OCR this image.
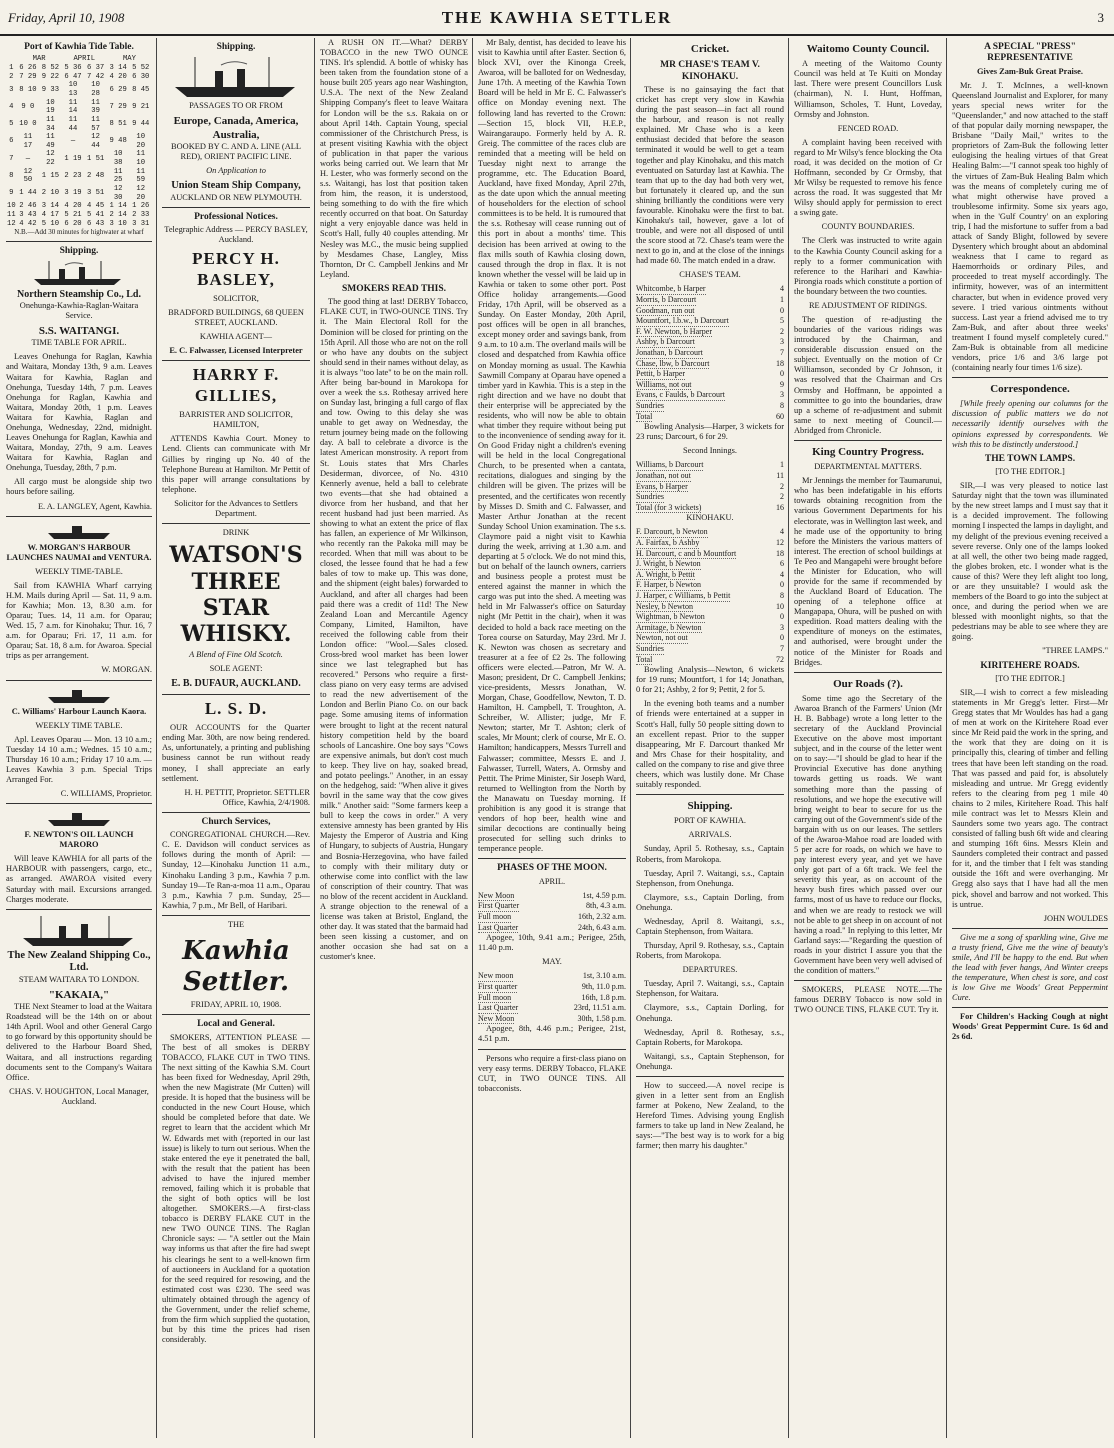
Friday, April 10, 1908	THE KAWHIA SETTLER	3
Port of Kawhia Tide Table.
	MAR		APRIL		MAY	
1	6 26	8 52	5 36	6 37	3 14	5 52
2	7 29	9 22	6 47	7 42	4 20	6 30
3	8 10	9 33	10 13	10 28	6 29	8 45
4	9 0	10 19	11 14	11 39	7 29	9 21
5	10 0	11 34	11 44	11 57	8 51	9 44
6	11 17	11 49	—	12 44	9 48	10 20
7	—	12 22	1 19	1 51	10 38	11 10
8	12 50	1 15	2 23	2 48	11 25	11 59
9	1 44	2 10	3 19	3 51	12 30	12 20
10	2 46	3 14	4 20	4 45	1 14	1 26
11	3 43	4 17	5 21	5 41	2 14	2 33
12	4 42	5 10	6 20	6 43	3 10	3 31

N.B.—Add 30 minutes for highwater at wharf

Shipping.
Northern Steamship Co., Ld.

Onehunga-Kawhia-Raglan-Waitara Service.

S.S. WAITANGI.

TIME TABLE FOR APRIL.

Leaves Onehunga for Raglan, Kawhia and Waitara, Monday 13th, 9 a.m. Leaves Waitara for Kawhia, Raglan and Onehunga, Tuesday 14th, 7 p.m. Leaves Onehunga for Raglan, Kawhia and Waitara, Monday 20th, 1 p.m. Leaves Waitara for Kawhia, Raglan and Onehunga, Wednesday, 22nd, midnight. Leaves Onehunga for Raglan, Kawhia and Waitara, Monday, 27th, 9 a.m. Leaves Waitara for Kawhia, Raglan and Onehunga, Tuesday, 28th, 7 p.m.

All cargo must be alongside ship two hours before sailing.

E. A. LANGLEY, Agent, Kawhia.

W. MORGAN'S HARBOUR LAUNCHES NAUMAI and VENTURA.

WEEKLY TIME-TABLE.

Sail from KAWHIA Wharf carrying H.M. Mails during April — Sat. 11, 9 a.m. for Kawhia; Mon. 13, 8.30 a.m. for Oparau; Tues. 14, 11 a.m. for Oparau; Wed. 15, 7 a.m. for Kinohaku; Thur. 16, 7 a.m. for Oparau; Fri. 17, 11 a.m. for Oparau; Sat. 18, 8 a.m. for Awaroa. Special trips as per arrangement.

W. MORGAN.

C. Williams' Harbour Launch Kaora.

WEEKLY TIME TABLE.

Apl. Leaves Oparau — Mon. 13 10 a.m.; Tuesday 14 10 a.m.; Wednes. 15 10 a.m.; Thursday 16 10 a.m.; Friday 17 10 a.m. — Leaves Kawhia 3 p.m. Special Trips Arranged For.

C. WILLIAMS, Proprietor.

F. NEWTON'S OIL LAUNCH MARORO

Will leave KAWHIA for all parts of the HARBOUR with passengers, cargo, etc., as arranged. AWAROA visited every Saturday with mail. Excursions arranged. Charges moderate.

The New Zealand Shipping Co., Ltd.

STEAM WAITARA TO LONDON.

"KAKAIA,"

THE Next Steamer to load at the Waitara Roadstead will be the 14th on or about 14th April. Wool and other General Cargo to go forward by this opportunity should be delivered to the Harbour Board Shed, Waitara, and all instructions regarding documents sent to the Company's Waitara Office.

CHAS. V. HOUGHTON, Local Manager, Auckland.

Shipping.

PASSAGES TO OR FROM

Europe, Canada, America, Australia,

BOOKED BY C. AND A. LINE (ALL RED), ORIENT PACIFIC LINE.

On Application to

Union Steam Ship Company,

AUCKLAND OR NEW PLYMOUTH.

Professional Notices.

Telegraphic Address — PERCY BASLEY, Auckland.

PERCY H. BASLEY,

SOLICITOR,

BRADFORD BUILDINGS, 68 QUEEN STREET, AUCKLAND.

KAWHIA AGENT—

E. C. Falwasser, Licensed Interpreter

HARRY F. GILLIES,

BARRISTER AND SOLICITOR, HAMILTON,

ATTENDS Kawhia Court. Money to Lend. Clients can communicate with Mr Gillies by ringing up No. 40 of the Telephone Bureau at Hamilton. Mr Pettit of this paper will arrange consultations by telephone.

Solicitor for the Advances to Settlers Department.

DRINK

WATSON'S THREE STAR WHISKY.

A Blend of Fine Old Scotch.

SOLE AGENT:

E. B. DUFAUR, AUCKLAND.

L. S. D.

OUR ACCOUNTS for the Quarter ending Mar. 30th, are now being rendered. As, unfortunately, a printing and publishing business cannot be run without ready money, I shall appreciate an early settlement.

H. H. PETTIT, Proprietor. SETTLER Office, Kawhia, 2/4/1908.

Church Services,

CONGREGATIONAL CHURCH.—Rev. C. E. Davidson will conduct services as follows during the month of April: — Sunday, 12—Kinohaku Junction 11 a.m., Kinohaku Landing 3 p.m., Kawhia 7 p.m. Sunday 19—Te Ran-a-moa 11 a.m., Oparau 3 p.m., Kawhia 7 p.m. Sunday, 25—Kawhia, 7 p.m., Mr Bell, of Haribari.

THE

Kawhia Settler.

FRIDAY, APRIL 10, 1908.

Local and General.

SMOKERS, ATTENTION PLEASE — The best of all smokes is DERBY TOBACCO, FLAKE CUT in TWO TINS. The next sitting of the Kawhia S.M. Court has been fixed for Wednesday, April 29th, when the new Magistrate (Mr Cutten) will preside. It is hoped that the business will be conducted in the new Court House, which should be completed before that date. We regret to learn that the accident which Mr W. Edwards met with (reported in our last issue) is likely to turn out serious. When the stake entered the eye it penetrated the ball, with the result that the patient has been advised to have the injured member removed, failing which it is probable that the sight of both optics will be lost altogether. SMOKERS.—A first-class tobacco is DERBY FLAKE CUT in the new TWO OUNCE TINS. The Raglan Chronicle says: — "A settler out the Main way informs us that after the fire had swept his clearings he sent to a well-known firm of auctioneers in Auckland for a quotation for the seed required for resowing, and the estimated cost was £230. The seed was ultimately obtained through the agency of the Government, under the relief scheme, from the firm which supplied the quotation, but by this time the prices had risen considerably.

A RUSH ON IT.—What? DERBY TOBACCO in the new TWO OUNCE TINS. It's splendid. A bottle of whisky has been taken from the foundation stone of a house built 205 years ago near Washington, U.S.A. The next of the New Zealand Shipping Company's fleet to leave Waitara for London will be the s.s. Rakaia on or about April 14th. Captain Young, special commissioner of the Christchurch Press, is at present visiting Kawhia with the object of publication in that paper the various works being carried out. We learn that Mr H. Lester, who was formerly second on the s.s. Waitangi, has lost that position taken from him, the reason, it is understood, being something to do with the fire which recently occurred on that boat. On Saturday night a very enjoyable dance was held in Scott's Hall, fully 40 couples attending. Mr Nesley was M.C., the music being supplied by Mesdames Chase, Langley, Miss Thornton, Dr C. Campbell Jenkins and Mr Leyland.

SMOKERS READ THIS.

The good thing at last! DERBY Tobacco, FLAKE CUT, in TWO-OUNCE TINS. Try it. The Main Electoral Roll for the Dominion will be closed for printing on the 15th April. All those who are not on the roll or who have any doubts on the subject should send in their names without delay, as it is always "too late" to be on the main roll. After being bar-bound in Marokopa for over a week the s.s. Rothesay arrived here on Sunday last, bringing a full cargo of flax and tow. Owing to this delay she was unable to get away on Wednesday, the return journey being made on the following day. A ball to celebrate a divorce is the latest American monstrosity. A report from St. Louis states that Mrs Charles Desiderman, divorcee, of No. 4310 Kennerly avenue, held a ball to celebrate two events—that she had obtained a divorce from her husband, and that her recent husband had just been married. As showing to what an extent the price of flax has fallen, an experience of Mr Wilkinson, who recently ran the Pakoka mill may be recorded. When that mill was about to be closed, the lessee found that he had a few bales of tow to make up. This was done, and the shipment (eight bales) forwarded to Auckland, and after all charges had been paid there was a credit of 11d! The New Zealand Loan and Mercantile Agency Company, Limited, Hamilton, have received the following cable from their London office: "Wool.—Sales closed. Cross-bred wool market has been lower since we last telegraphed but has recovered." Persons who require a first-class piano on very easy terms are advised to read the new advertisement of the London and Berlin Piano Co. on our back page. Some amusing items of information were brought to light at the recent natural history competition held by the board schools of Lancashire. One boy says "Cows are expensive animals, but don't cost much to keep. They live on hay, soaked bread, and potato peelings." Another, in an essay on the hedgehog, said: "When alive it gives bovril in the same way that the cow gives milk." Another said: "Some farmers keep a bull to keep the cows in order." A very extensive amnesty has been granted by His Majesty the Emperor of Austria and King of Hungary, to subjects of Austria, Hungary and Bosnia-Herzegovina, who have failed to comply with their military duty or otherwise come into conflict with the law of conscription of their country. That was no blow of the recent accident in Auckland. A strange objection to the renewal of a license was taken at Bristol, England, the other day. It was stated that the barmaid had been seen kissing a customer, and on another occasion she had sat on a customer's knee.

Mr Baly, dentist, has decided to leave his visit to Kawhia until after Easter. Section 6, block XVI, over the Kinonga Creek, Awaroa, will be balloted for on Wednesday, June 17th. A meeting of the Kawhia Town Board will be held in Mr E. C. Falwasser's office on Monday evening next. The following land has reverted to the Crown:—Section 15, block VII, H.E.P., Wairangaraupo. Formerly held by A. R. Greig. The committee of the races club are reminded that a meeting will be held on Tuesday night next to arrange the programme, etc. The Education Board, Auckland, have fixed Monday, April 27th, as the date upon which the annual meeting of householders for the election of school committees is to be held. It is rumoured that the s.s. Rothesay will cease running out of this port in about a months' time. This decision has been arrived at owing to the flax mills south of Kawhia closing down, caused through the drop in flax. It is not known whether the vessel will be laid up in Kawhia or taken to some other port. Post Office holiday arrangements.—Good Friday, 17th April, will be observed as a Sunday. On Easter Monday, 20th April, post offices will be open in all branches, except money order and savings bank, from 9 a.m. to 10 a.m. The overland mails will be closed and despatched from Kawhia office on Monday morning as usual. The Kawhia Sawmill Company at Oparau have opened a timber yard in Kawhia. This is a step in the right direction and we have no doubt that their enterprise will be appreciated by the residents, who will now be able to obtain what timber they require without being put to the inconvenience of sending away for it. On Good Friday night a children's evening will be held in the local Congregational Church, to be presented when a cantata, recitations, dialogues and singing by the children will be given. The prizes will be presented, and the certificates won recently by Misses D. Smith and C. Falwasser, and Master Arthur Jonathan at the recent Sunday School Union examination. The s.s. Claymore paid a night visit to Kawhia during the week, arriving at 1.30 a.m. and departing at 5 o'clock. We do not mind this, but on behalf of the launch owners, carriers and business people a protest must be entered against the manner in which the cargo was put into the shed. A meeting was held in Mr Falwasser's office on Saturday night (Mr Pettit in the chair), when it was decided to hold a back race meeting on the Torea course on Saturday, May 23rd. Mr J. K. Newton was chosen as secretary and treasurer at a fee of £2 2s. The following officers were elected.—Patron, Mr W. A. Mason; president, Dr C. Campbell Jenkins; vice-presidents, Messrs Jonathan, W. Morgan, Chase, Goodfellow, Newton, T. D. Hamilton, H. Campbell, T. Troughton, A. Schreiber, W. Allister; judge, Mr F. Newton; starter, Mr T. Ashton; clerk of scales, Mr Mount; clerk of course, Mr E. O. Hamilton; handicappers, Messrs Turrell and Falwasser; committee, Messrs E. and J. Falwasser, Turrell, Waters, A. Ormsby and Pettit. The Prime Minister, Sir Joseph Ward, returned to Wellington from the North by the Manawatu on Tuesday morning. If prohibition is any good it is strange that vendors of hop beer, health wine and similar decoctions are continually being prosecuted for selling such drinks to temperance people.

PHASES OF THE MOON.

APRIL.

New Moon	1st, 4.59 p.m.
First Quarter	8th, 4.3 a.m.
Full moon	16th, 2.32 a.m.
Last Quarter	24th, 6.43 a.m.

Apogee, 10th, 9.41 a.m.; Perigee, 25th, 11.40 p.m.

MAY.

New moon	1st, 3.10 a.m.
First quarter	9th, 11.0 p.m.
Full moon	16th, 1.8 p.m.
Last Quarter	23rd, 11.51 a.m.
New Moon	30th, 1.58 p.m.

Apogee, 8th, 4.46 p.m.; Perigee, 21st, 4.51 p.m.

Persons who require a first-class piano on very easy terms. DERBY Tobacco, FLAKE CUT, in TWO OUNCE TINS. All tobacconists.

Cricket.
MR CHASE'S TEAM V. KINOHAKU.

These is no gainsaying the fact that cricket has crept very slow in Kawhia during the past season—in fact all round the harbour, and reason is not really explained. Mr Chase who is a keen enthusiast decided that before the season terminated it would be well to get a team together and play Kinohaku, and this match eventuated on Saturday last at Kawhia. The team that up to the day had both very wet, but fortunately it cleared up, and the sun shining brilliantly the conditions were very favourable. Kinohaku were the first to bat. Kinohaku's tail, however, gave a lot of trouble, and were not all disposed of until the score stood at 72. Chase's team were the next to go in, and at the close of the innings had made 60. The match ended in a draw.

CHASE'S TEAM.

Whitcombe, b Harper	4
Morris, b Darcourt	1
Goodman, run out	0
Mountfort, l.b.w., b Darcourt	5
F. W. Newton, b Harper	2
Ashby, b Darcourt	3
Jonathan, b Darcourt	7
Chase, lbw, b Darcourt	18
Pettit, b Harper	0
Williams, not out	9
Evans, c Faulds, b Darcourt	3
Sundries	8
Total	60

Bowling Analysis—Harper, 3 wickets for 23 runs; Darcourt, 6 for 29.

Second Innings.

Williams, b Darcourt	1
Jonathan, not out	11
Evans, b Harper	2
Sundries	2
Total (for 3 wickets)	16

KINOHAKU.

F. Darcourt, b Newton	4
A. Fairfax, b Ashby	12
H. Darcourt, c and b Mountfort	18
J. Wright, b Newton	6
A. Wright, b Pettit	4
F. Harper, b Newton	0
J. Harper, c Williams, b Pettit	8
Nesley, b Newton	10
Wightman, b Newton	0
Armitage, b Newton	3
Newton, not out	0
Sundries	7
Total	72

Bowling Analysis—Newton, 6 wickets for 19 runs; Mountfort, 1 for 14; Jonathan, 0 for 21; Ashby, 2 for 9; Pettit, 2 for 5.

In the evening both teams and a number of friends were entertained at a supper in Scott's Hall, fully 50 people sitting down to an excellent repast. Prior to the supper disappearing, Mr F. Darcourt thanked Mr and Mrs Chase for their hospitality, and called on the company to rise and give three cheers, which was lustily done. Mr Chase suitably responded.

Shipping.

PORT OF KAWHIA.

ARRIVALS.

Sunday, April 5. Rothesay, s.s., Captain Roberts, from Marokopa.

Tuesday, April 7. Waitangi, s.s., Captain Stephenson, from Onehunga.

Claymore, s.s., Captain Dorling, from Onehunga.

Wednesday, April 8. Waitangi, s.s., Captain Stephenson, from Waitara.

Thursday, April 9. Rothesay, s.s., Captain Roberts, from Marokopa.

DEPARTURES.

Tuesday, April 7. Waitangi, s.s., Captain Stephenson, for Waitara.

Claymore, s.s., Captain Dorling, for Onehunga.

Wednesday, April 8. Rothesay, s.s., Captain Roberts, for Marokopa.

Waitangi, s.s., Captain Stephenson, for Onehunga.

How to succeed.—A novel recipe is given in a letter sent from an English farmer at Pokeno, New Zealand, to the Hereford Times. Advising young English farmers to take up land in New Zealand, he says:—"The best way is to work for a big farmer; then marry his daughter."

Waitomo County Council.

A meeting of the Waitomo County Council was held at Te Kuiti on Monday last. There were present Councillors Lusk (chairman), N. I. Hunt, Hoffman, Williamson, Scholes, T. Hunt, Loveday, Ormsby and Johnston.

FENCED ROAD.

A complaint having been received with regard to Mr Wilsy's fence blocking the Ota road, it was decided on the motion of Cr Hoffmann, seconded by Cr Ormsby, that Mr Wilsy be requested to remove his fence across the road. It was suggested that Mr Wilsy should apply for permission to erect a swing gate.

COUNTY BOUNDARIES.

The Clerk was instructed to write again to the Kawhia County Council asking for a reply to a former communication with reference to the Harihari and Kawhia-Pirongia roads which constitute a portion of the boundary between the two counties.

RE ADJUSTMENT OF RIDINGS.

The question of re-adjusting the boundaries of the various ridings was introduced by the Chairman, and considerable discussion ensued on the subject. Eventually on the motion of Cr Williamson, seconded by Cr Johnson, it was resolved that the Chairman and Crs Ormsby and Hoffmann, be appointed a committee to go into the boundaries, draw up a scheme of re-adjustment and submit same to next meeting of Council.—Abridged from Chronicle.

King Country Progress.

DEPARTMENTAL MATTERS.

Mr Jennings the member for Taumarunui, who has been indefatigable in his efforts towards obtaining recognition from the various Government Departments for his electorate, was in Wellington last week, and he made use of the opportunity to bring before the Ministers the various matters of interest. The erection of school buildings at Te Peo and Mangapehi were brought before the Minister for Education, who will provide for the same if recommended by the Auckland Board of Education. The opening of a telephone office at Mangapapa, Ohura, will be pushed on with expedition. Road matters dealing with the expenditure of moneys on the estimates, and authorised, were brought under the notice of the Minister for Roads and Bridges.

Our Roads (?).

Some time ago the Secretary of the Awaroa Branch of the Farmers' Union (Mr H. B. Babbage) wrote a long letter to the secretary of the Auckland Provincial Executive on the above most important subject, and in the course of the letter went on to say:—"I should be glad to hear if the Provincial Executive has done anything towards getting us roads. We want something more than the passing of resolutions, and we hope the executive will bring weight to bear to secure for us the carrying out of the Government's side of the bargain with us on our leases. The settlers of the Awaroa-Mahoe road are loaded with 5 per acre for roads, on which we have to pay interest every year, and yet we have only got part of a 6ft track. We feel the severity this year, as on account of the heavy bush fires which passed over our farms, most of us have to reduce our flocks, and when we are ready to restock we will not be able to get sheep in on account of not having a road." In replying to this letter, Mr Garland says:—"Regarding the question of roads in your district I assure you that the Government have been very well advised of the condition of matters."

SMOKERS, PLEASE NOTE.—The famous DERBY Tobacco is now sold in TWO OUNCE TINS, FLAKE CUT. Try it.

A SPECIAL "PRESS" REPRESENTATIVE

Gives Zam-Buk Great Praise.

Mr. J. T. McInnes, a well-known Queensland Journalist and Explorer, for many years special news writer for the "Queenslander," and now attached to the staff of that popular daily morning newspaper, the Brisbane "Daily Mail," writes to the proprietors of Zam-Buk the following letter eulogising the healing virtues of that Great Healing Balm:—"I cannot speak too highly of the virtues of Zam-Buk Healing Balm which was the means of completely curing me of what might otherwise have proved a troublesome infirmity. Some six years ago, when in the 'Gulf Country' on an exploring trip, I had the misfortune to suffer from a bad attack of Sandy Blight, followed by severe Dysentery which brought about an abdominal weakness that I came to regard as Haemorrhoids or ordinary Piles, and proceeded to treat myself accordingly. The infirmity, however, was of an intermittent character, but when in evidence proved very severe. I tried various ointments without success. Last year a friend advised me to try Zam-Buk, and after about three weeks' treatment I found myself completely cured." Zam-Buk is obtainable from all medicine vendors, price 1/6 and 3/6 large pot (containing nearly four times 1/6 size).

Correspondence.

[While freely opening our columns for the discussion of public matters we do not necessarily identify ourselves with the opinions expressed by correspondents. We wish this to be distinctly understood.]

THE TOWN LAMPS.

[TO THE EDITOR.]

SIR,—I was very pleased to notice last Saturday night that the town was illuminated by the new street lamps and I must say that it is a decided improvement. The following morning I inspected the lamps in daylight, and my delight of the previous evening received a severe reverse. Only one of the lamps looked at all well, the other two being made ragged, the globes broken, etc. I wonder what is the cause of this? Were they left alight too long, or are they unsuitable? I would ask the members of the Board to go into the subject at once, and during the period when we are blessed with moonlight nights, so that the pedestrians may be able to see where they are going.

"THREE LAMPS."

KIRITEHERE ROADS.

[TO THE EDITOR.]

SIR,—I wish to correct a few misleading statements in Mr Gregg's letter. First—Mr Gregg states that Mr Wouldes has had a gang of men at work on the Kiritehere Road ever since Mr Reid paid the work in the spring, and the work that they are doing on it is principally this, clearing of timber and felling trees that have been left standing on the road. That was passed and paid for, is absolutely misleading and untrue. Mr Gregg evidently refers to the clearing from peg 1 mile 40 chains to 2 miles, Kiritehere Road. This half mile contract was let to Messrs Klein and Saunders some two years ago. The contract consisted of falling bush 6ft wide and clearing and stumping 16ft 6ins. Messrs Klein and Saunders completed their contract and passed for it, and the timber that I felt was standing outside the 16ft and were overhanging. Mr Gregg also says that I have had all the men pick, shovel and barrow and not worked. This is untrue.

JOHN WOULDES

Give me a song of sparkling wine, Give me a trusty friend, Give me the wine of beauty's smile, And I'll be happy to the end. But when the lead with fever hangs, And Winter creeps the temperature, When chest is sore, and cost is low Give me Woods' Great Peppermint Cure.

For Children's Hacking Cough at night Woods' Great Peppermint Cure. 1s 6d and 2s 6d.
